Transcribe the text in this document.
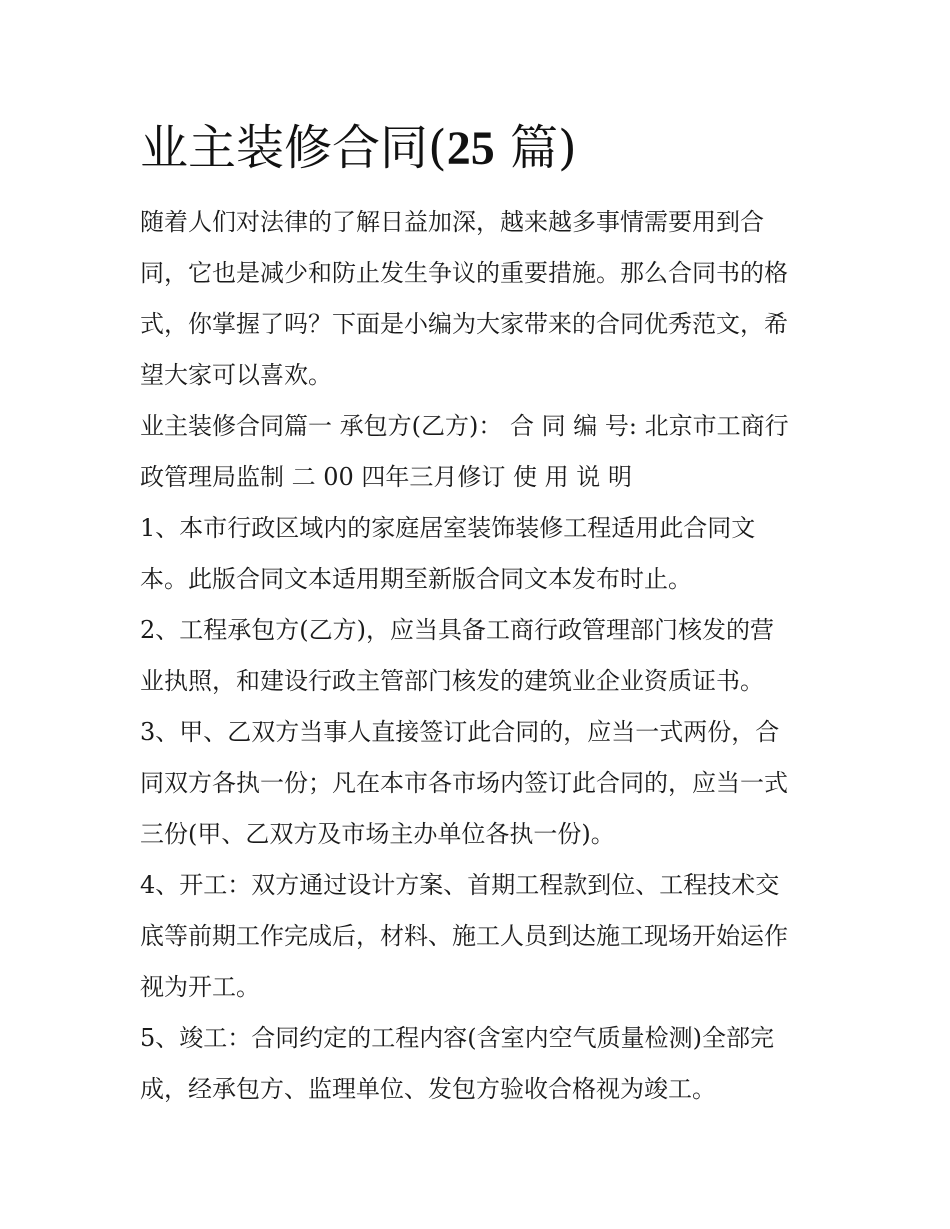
业主装修合同(25 篇)
随着人们对法律的了解日益加深，越来越多事情需要用到合
同，它也是减少和防止发生争议的重要措施。那么合同书的格
式，你掌握了吗？下面是小编为大家带来的合同优秀范文，希
望大家可以喜欢。
业主装修合同篇一 承包方(乙方)： 合 同 编 号: 北京市工商行
政管理局监制 二 00 四年三月修订 使 用 说 明
1、本市行政区域内的家庭居室装饰装修工程适用此合同文
本。此版合同文本适用期至新版合同文本发布时止。
2、工程承包方(乙方)，应当具备工商行政管理部门核发的营
业执照，和建设行政主管部门核发的建筑业企业资质证书。
3、甲、乙双方当事人直接签订此合同的，应当一式两份，合
同双方各执一份；凡在本市各市场内签订此合同的，应当一式
三份(甲、乙双方及市场主办单位各执一份)。
4、开工：双方通过设计方案、首期工程款到位、工程技术交
底等前期工作完成后，材料、施工人员到达施工现场开始运作
视为开工。
5、竣工：合同约定的工程内容(含室内空气质量检测)全部完
成，经承包方、监理单位、发包方验收合格视为竣工。
